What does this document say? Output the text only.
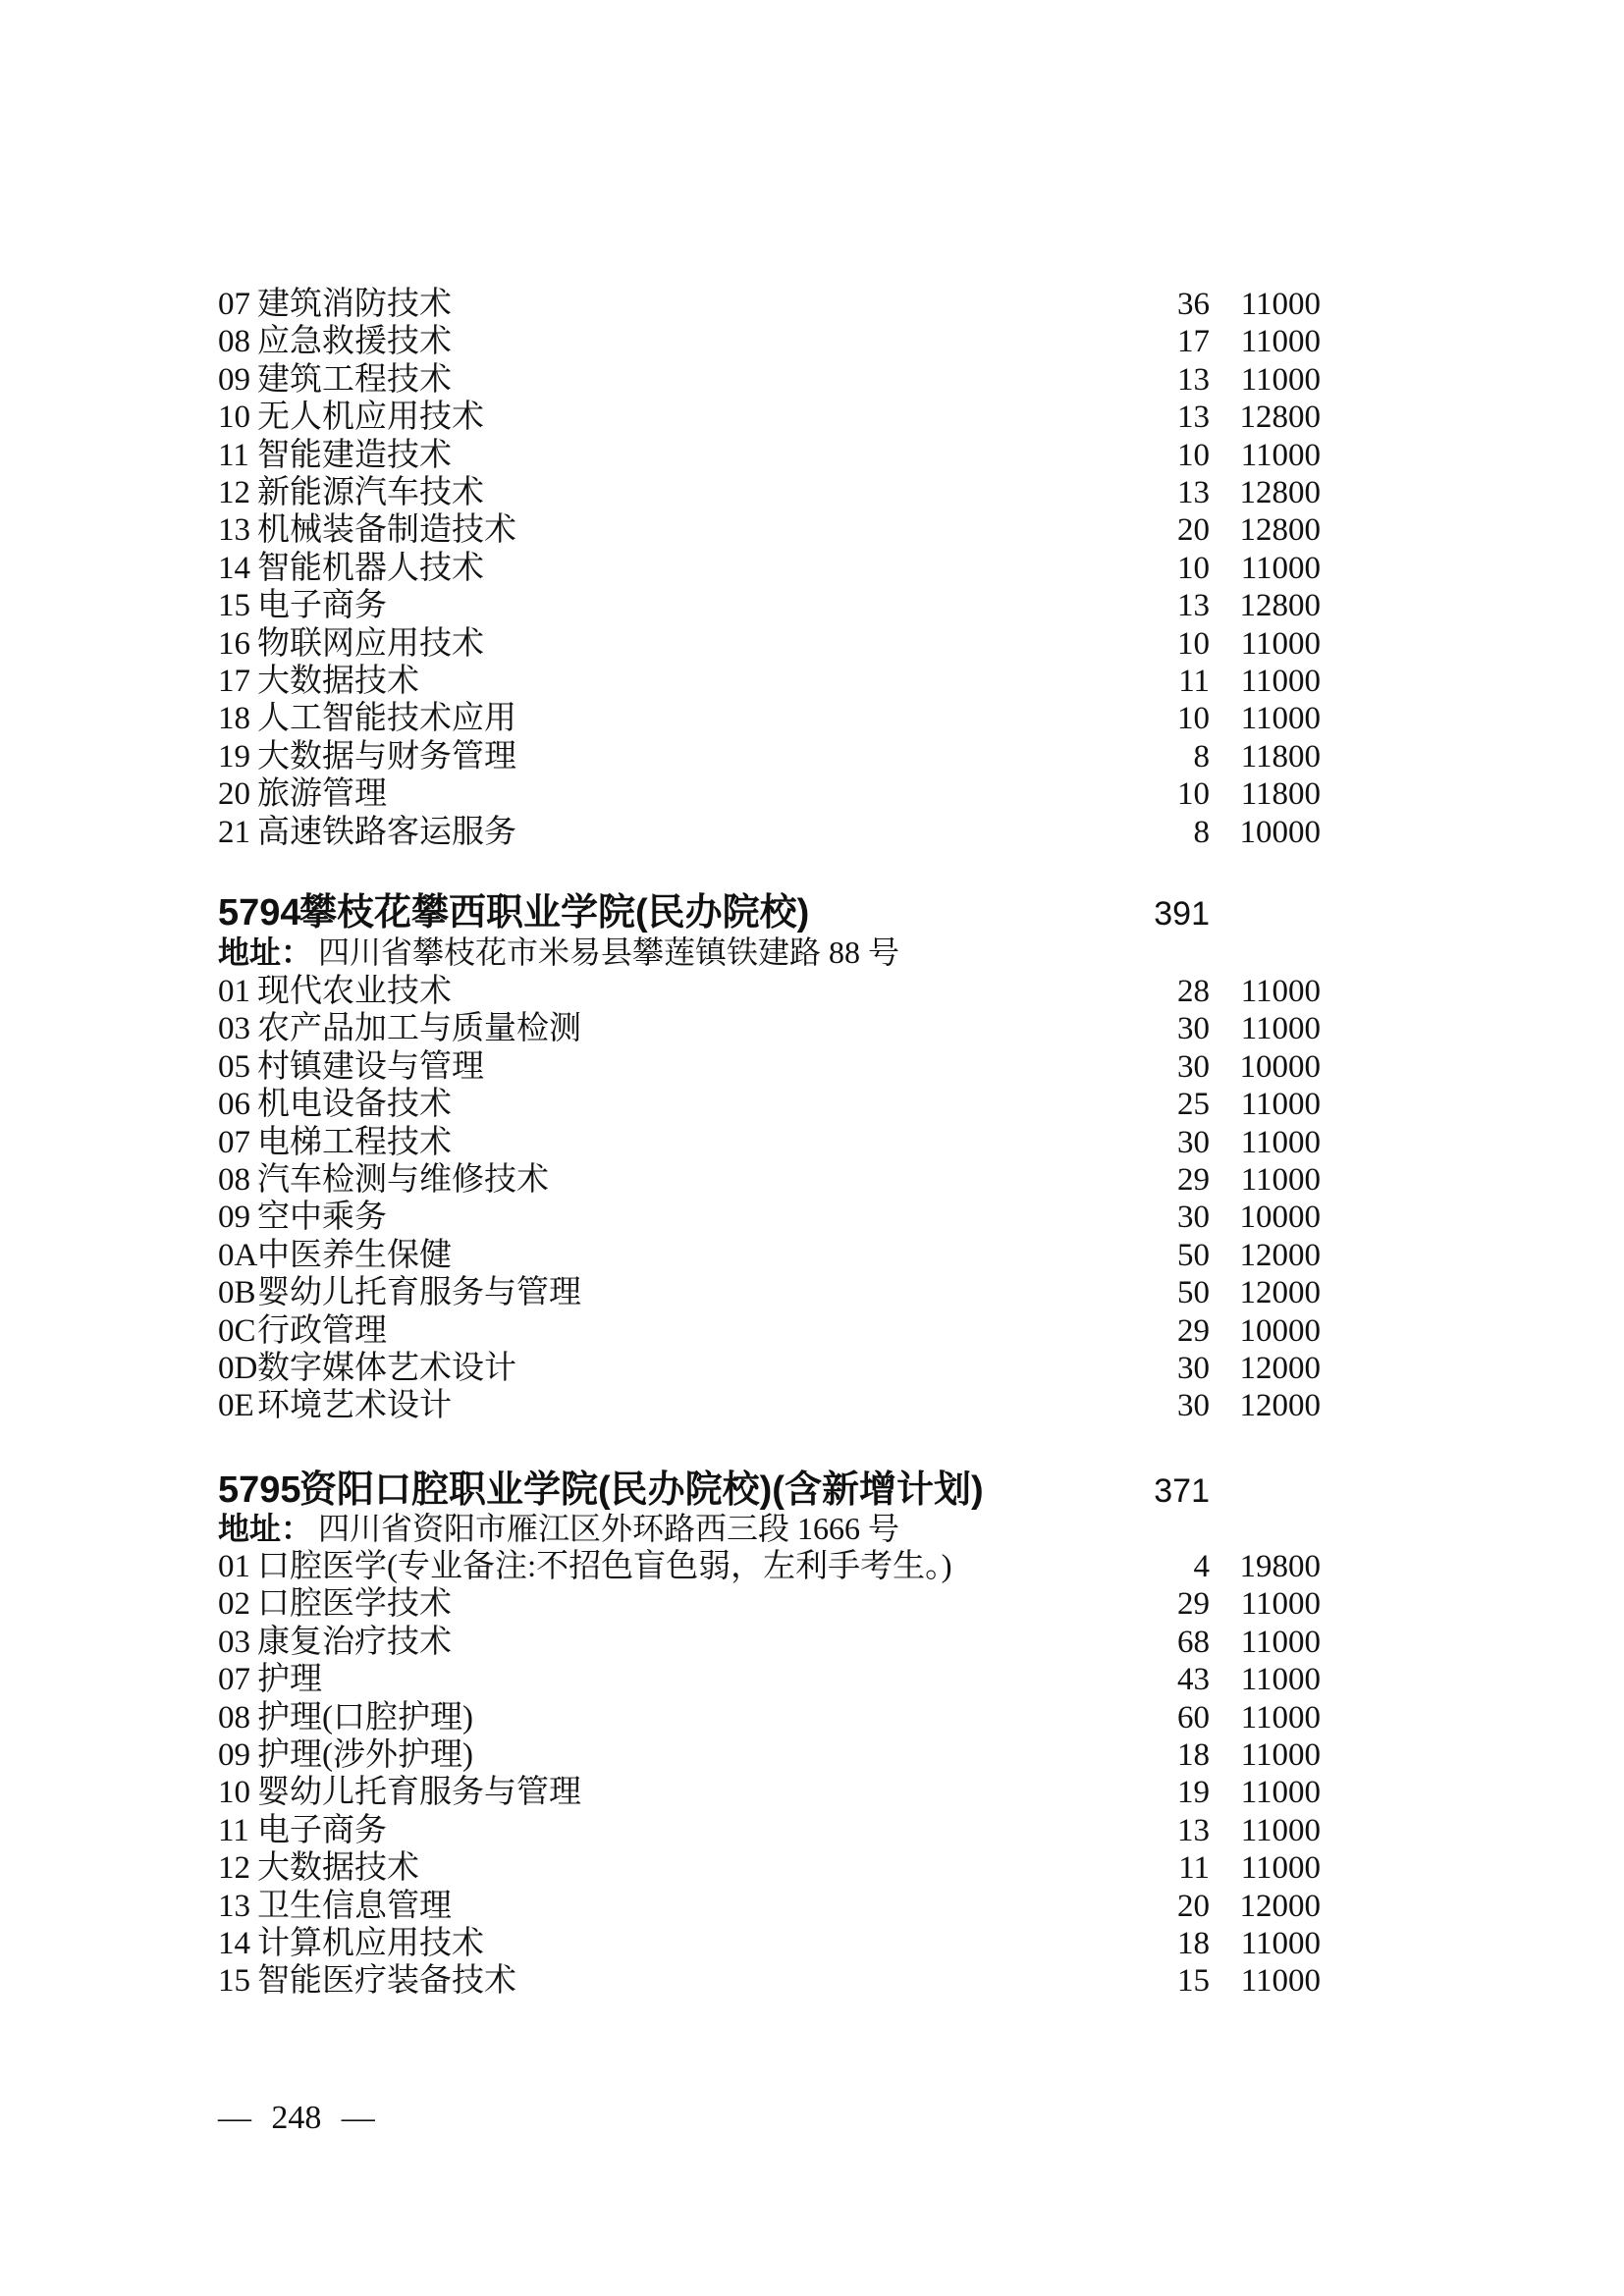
07 建筑消防技术	36 11000
08 应急救援技术	17 11000
09 建筑工程技术	13 11000
10 无人机应用技术	13 12800
11 智能建造技术	10 11000
12 新能源汽车技术	13 12800
13 机械装备制造技术	20 12800
14 智能机器人技术	10 11000
15 电子商务	13 12800
16 物联网应用技术	10 11000
17 大数据技术	11 11000
18 人工智能技术应用	10 11000
19 大数据与财务管理	8 11800
20 旅游管理	10 11800
21 高速铁路客运服务	8 10000
5794攀枝花攀西职业学院(民办院校)	391
地址： 四川省攀枝花市米易县攀莲镇铁建路 88 号
01 现代农业技术	28 11000
03 农产品加工与质量检测	30 11000
05 村镇建设与管理	30 10000
06 机电设备技术	25 11000
07 电梯工程技术	30 11000
08 汽车检测与维修技术	29 11000
09 空中乘务	30 10000
0A中医养生保健	50 12000
0B婴幼儿托育服务与管理	50 12000
0C行政管理	29 10000
0D数字媒体艺术设计	30 12000
0E 环境艺术设计	30 12000
5795资阳口腔职业学院(民办院校)(含新增计划)	371
地址： 四川省资阳市雁江区外环路西三段 1666 号
01 口腔医学(专业备注:不招色盲色弱，左利手考生。)	4 19800
02 口腔医学技术	29 11000
03 康复治疗技术	68 11000
07 护理	43 11000
08 护理(口腔护理)	60 11000
09 护理(涉外护理)	18 11000
10 婴幼儿托育服务与管理	19 11000
11 电子商务	13 11000
12 大数据技术	11 11000
13 卫生信息管理	20 12000
14 计算机应用技术	18 11000
15 智能医疗装备技术	15 11000
— 248 —
